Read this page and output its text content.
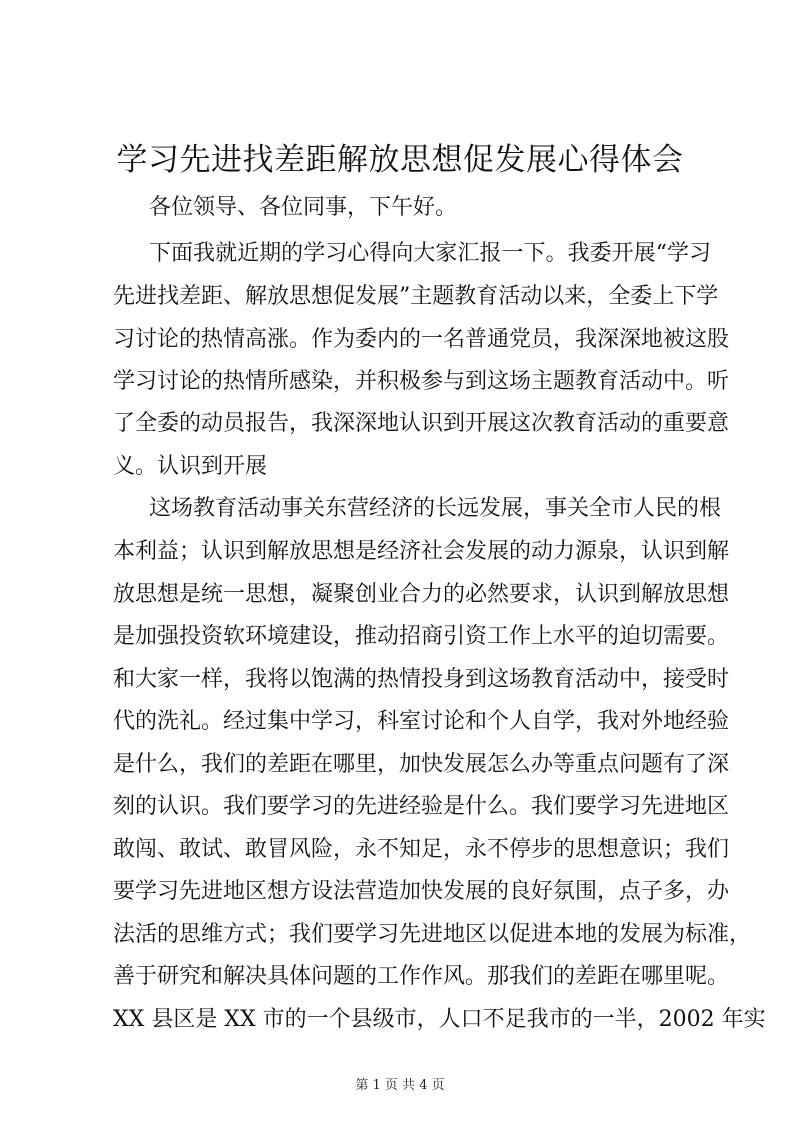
学习先进找差距解放思想促发展心得体会
各位领导、各位同事，下午好。
下面我就近期的学习心得向大家汇报一下。我委开展“学习
先进找差距、解放思想促发展”主题教育活动以来，全委上下学
习讨论的热情高涨。作为委内的一名普通党员，我深深地被这股
学习讨论的热情所感染，并积极参与到这场主题教育活动中。听
了全委的动员报告，我深深地认识到开展这次教育活动的重要意
义。认识到开展
这场教育活动事关东营经济的长远发展，事关全市人民的根
本利益；认识到解放思想是经济社会发展的动力源泉，认识到解
放思想是统一思想，凝聚创业合力的必然要求，认识到解放思想
是加强投资软环境建设，推动招商引资工作上水平的迫切需要。
和大家一样，我将以饱满的热情投身到这场教育活动中，接受时
代的洗礼。经过集中学习，科室讨论和个人自学，我对外地经验
是什么，我们的差距在哪里，加快发展怎么办等重点问题有了深
刻的认识。我们要学习的先进经验是什么。我们要学习先进地区
敢闯、敢试、敢冒风险，永不知足，永不停步的思想意识；我们
要学习先进地区想方设法营造加快发展的良好氛围，点子多，办
法活的思维方式；我们要学习先进地区以促进本地的发展为标准，
善于研究和解决具体问题的工作作风。那我们的差距在哪里呢。
XX 县区是 XX 市的一个县级市，人口不足我市的一半，2002 年实
第 1 页 共 4 页
